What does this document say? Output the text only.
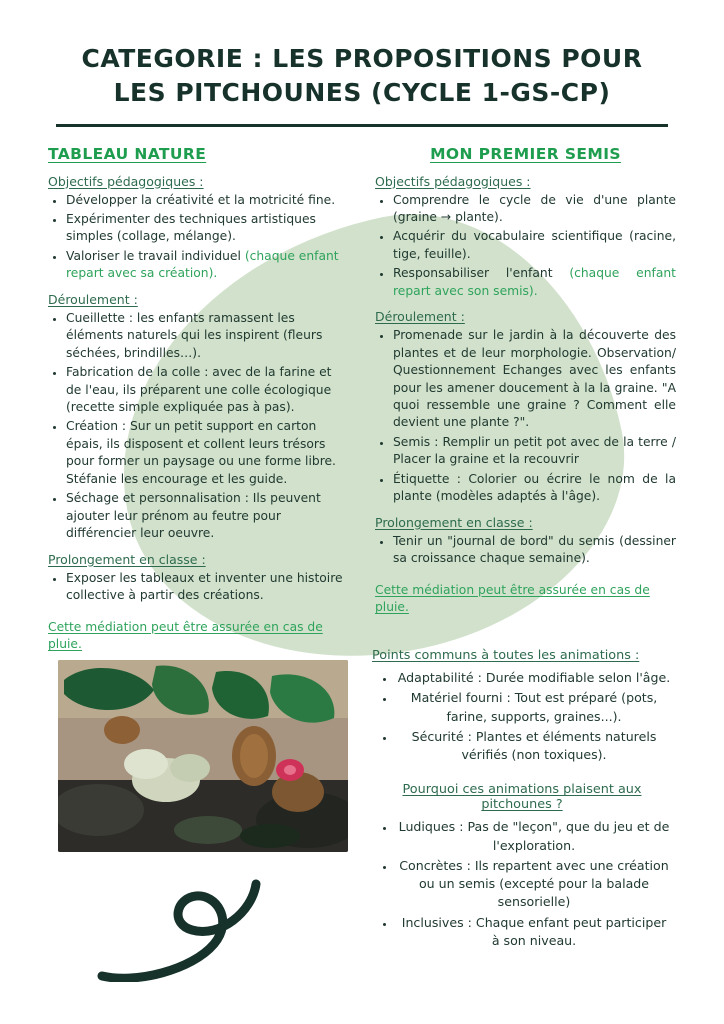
CATEGORIE : LES PROPOSITIONS POUR LES PITCHOUNES (CYCLE 1-GS-CP)
TABLEAU NATURE
Objectifs pédagogiques :
• Développer la créativité et la motricité fine.
• Expérimenter des techniques artistiques simples (collage, mélange).
• Valoriser le travail individuel (chaque enfant repart avec sa création).
Déroulement :
• Cueillette : les enfants ramassent les éléments naturels qui les inspirent (fleurs séchées, brindilles…).
• Fabrication de la colle : avec de la farine et de l'eau, ils préparent une colle écologique (recette simple expliquée pas à pas).
• Création : Sur un petit support en carton épais, ils disposent et collent leurs trésors pour former un paysage ou une forme libre. Stéfanie les encourage et les guide.
• Séchage et personnalisation : Ils peuvent ajouter leur prénom au feutre pour différencier leur oeuvre.
Prolongement en classe :
• Exposer les tableaux et inventer une histoire collective à partir des créations.
Cette médiation peut être assurée en cas de pluie.
MON PREMIER SEMIS
Objectifs pédagogiques :
• Comprendre le cycle de vie d'une plante (graine → plante).
• Acquérir du vocabulaire scientifique (racine, tige, feuille).
• Responsabiliser l'enfant (chaque enfant repart avec son semis).
Déroulement :
• Promenade sur le jardin à la découverte des plantes et de leur morphologie. Observation/ Questionnement Echanges avec les enfants pour les amener doucement à la la graine. "A quoi ressemble une graine ? Comment elle devient une plante ?".
• Semis : Remplir un petit pot avec de la terre / Placer la graine et la recouvrir
• Étiquette : Colorier ou écrire le nom de la plante (modèles adaptés à l'âge).
Prolongement en classe :
• Tenir un "journal de bord" du semis (dessiner sa croissance chaque semaine).
Cette médiation peut être assurée en cas de pluie.
Points communs à toutes les animations :
• Adaptabilité : Durée modifiable selon l'âge.
• Matériel fourni : Tout est préparé (pots, farine, supports, graines...).
• Sécurité : Plantes et éléments naturels vérifiés (non toxiques).
Pourquoi ces animations plaisent aux pitchounes ?
• Ludiques : Pas de "leçon", que du jeu et de l'exploration.
• Concrètes : Ils repartent avec une création ou un semis (excepté pour la balade sensorielle)
• Inclusives : Chaque enfant peut participer à son niveau.
